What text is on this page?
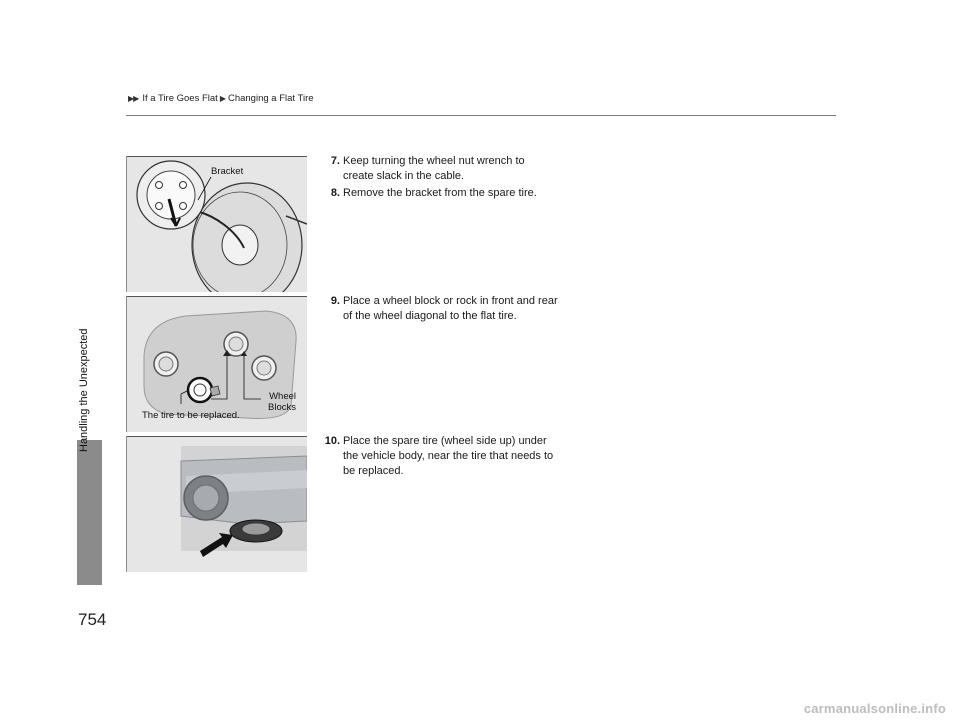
▶▶ If a Tire Goes Flat ▶ Changing a Flat Tire
Handling the Unexpected
754
Bracket
The tire to be replaced.
Wheel
Blocks
7. Keep turning the wheel nut wrench to create slack in the cable.
8. Remove the bracket from the spare tire.
9. Place a wheel block or rock in front and rear of the wheel diagonal to the flat tire.
10. Place the spare tire (wheel side up) under the vehicle body, near the tire that needs to be replaced.
carmanualsonline.info
